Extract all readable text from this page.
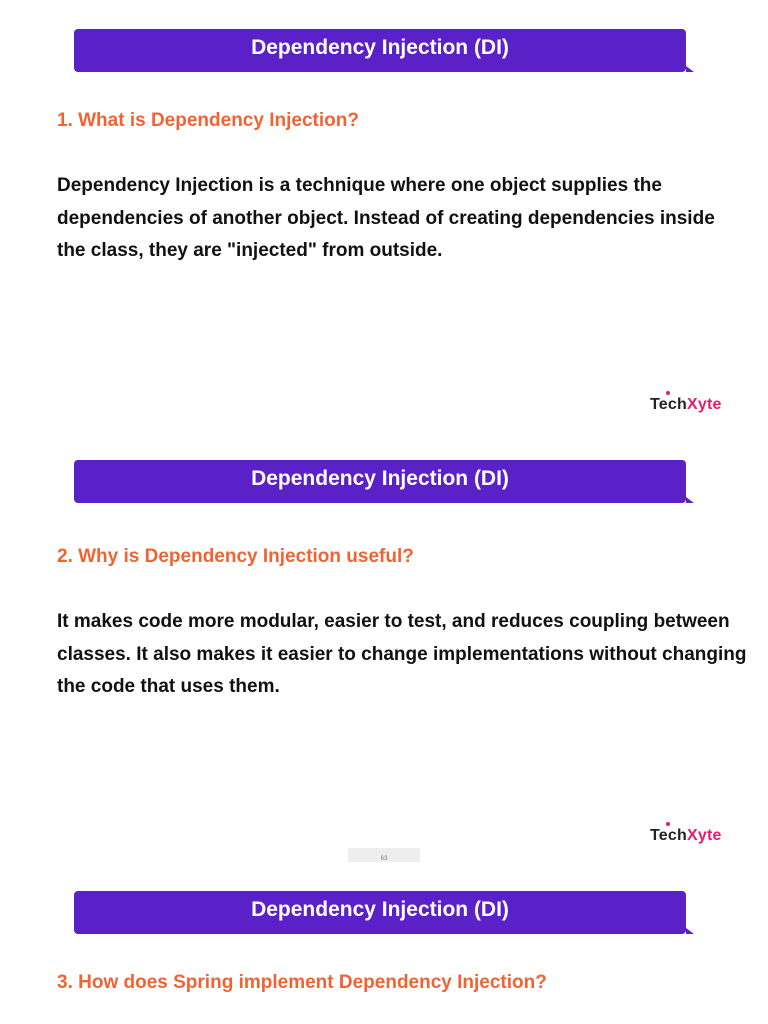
Dependency Injection (DI)
1. What is Dependency Injection?
Dependency Injection is a technique where one object supplies the dependencies of another object. Instead of creating dependencies inside the class, they are "injected" from outside.
TechXyte
Dependency Injection (DI)
2. Why is Dependency Injection useful?
It makes code more modular, easier to test, and reduces coupling between classes. It also makes it easier to change implementations without changing the code that uses them.
TechXyte
63
Dependency Injection (DI)
3. How does Spring implement Dependency Injection?
